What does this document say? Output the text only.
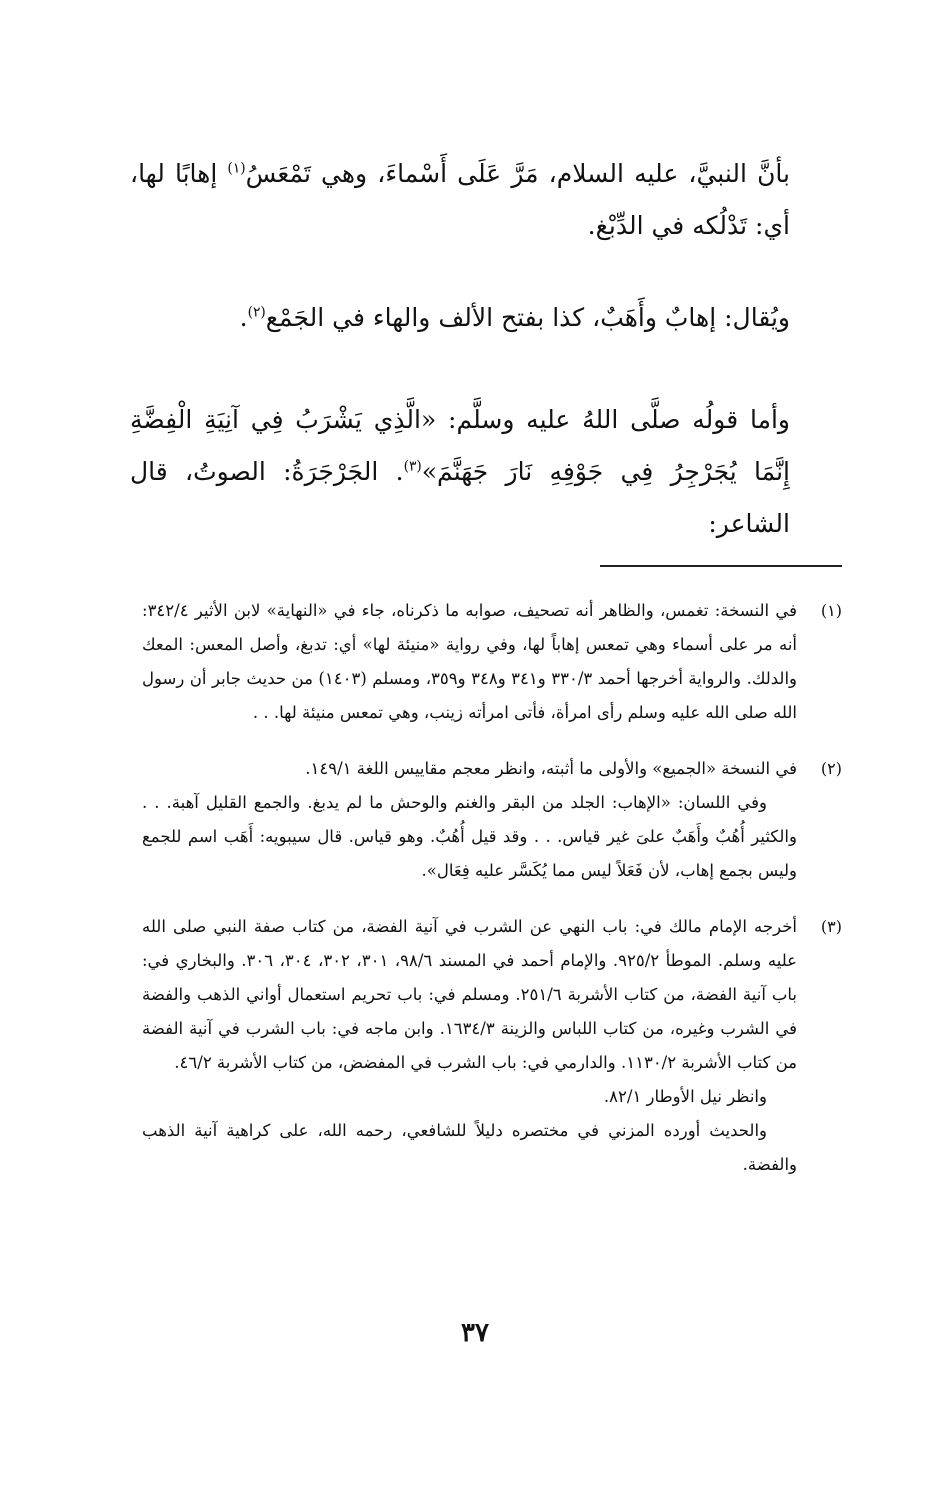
بأنَّ النبيَّ، عليه السلام، مَرَّ عَلَى أَسْماءَ، وهي تَمْعَسُ$^{(١)}$ إهابًا لها، أي: تَدْلُكه في الدِّبْغ.

ويُقال: إهابٌ وأَهَبٌ، كذا بفتح الألف والهاء في الجَمْع$^{(٢)}$.

وأما قولُه صلَّى اللهُ عليه وسلَّم: «الَّذِي يَشْرَبُ فِي آنِيَةِ الْفِضَّةِ إِنَّمَا يُجَرْجِرُ فِي جَوْفِهِ نَارَ جَهَنَّمَ»$^{(٣)}$. الجَرْجَرَةُ: الصوتُ، قال الشاعر:

(١)

في النسخة: تغمس، والظاهر أنه تصحيف، صوابه ما ذكرناه، جاء في «النهاية» لابن الأثير ٣٤٢/٤: أنه مر على أسماء وهي تمعس إهاباً لها، وفي رواية «منيئة لها» أي: تدبغ، وأصل المعس: المعك والدلك. والرواية أخرجها أحمد ٣٣٠/٣ و٣٤١ و٣٤٨ و٣٥٩، ومسلم (١٤٠٣) من حديث جابر أن رسول الله صلى الله عليه وسلم رأى امرأة، فأتى امرأته زينب، وهي تمعس منيئة لها. . .

(٢)

في النسخة «الجميع» والأولى ما أثبته، وانظر معجم مقاييس اللغة ١٤٩/١.

وفي اللسان: «الإهاب: الجلد من البقر والغنم والوحش ما لم يدبغ. والجمع القليل آهبة. . . والكثير أُهُبٌ وأَهَبٌ علىَ غير قياس. . . وقد قيل أُهُبٌ. وهو قياس. قال سيبويه: أَهَب اسم للجمع وليس بجمع إهاب، لأن فَعَلاً ليس مما يُكَسَّر عليه فِعَال».

(٣)

أخرجه الإمام مالك في: باب النهي عن الشرب في آنية الفضة، من كتاب صفة النبي صلى الله عليه وسلم. الموطأ ٩٢٥/٢. والإمام أحمد في المسند ٩٨/٦، ٣٠١، ٣٠٢، ٣٠٤، ٣٠٦. والبخاري في: باب آنية الفضة، من كتاب الأشربة ٢٥١/٦. ومسلم في: باب تحريم استعمال أواني الذهب والفضة في الشرب وغيره، من كتاب اللباس والزينة ١٦٣٤/٣. وابن ماجه في: باب الشرب في آنية الفضة من كتاب الأشربة ١١٣٠/٢. والدارمي في: باب الشرب في المفضض، من كتاب الأشربة ٤٦/٢.

وانظر نيل الأوطار ٨٢/١.

والحديث أورده المزني في مختصره دليلاً للشافعي، رحمه الله، على كراهية آنية الذهب والفضة.

٣٧
